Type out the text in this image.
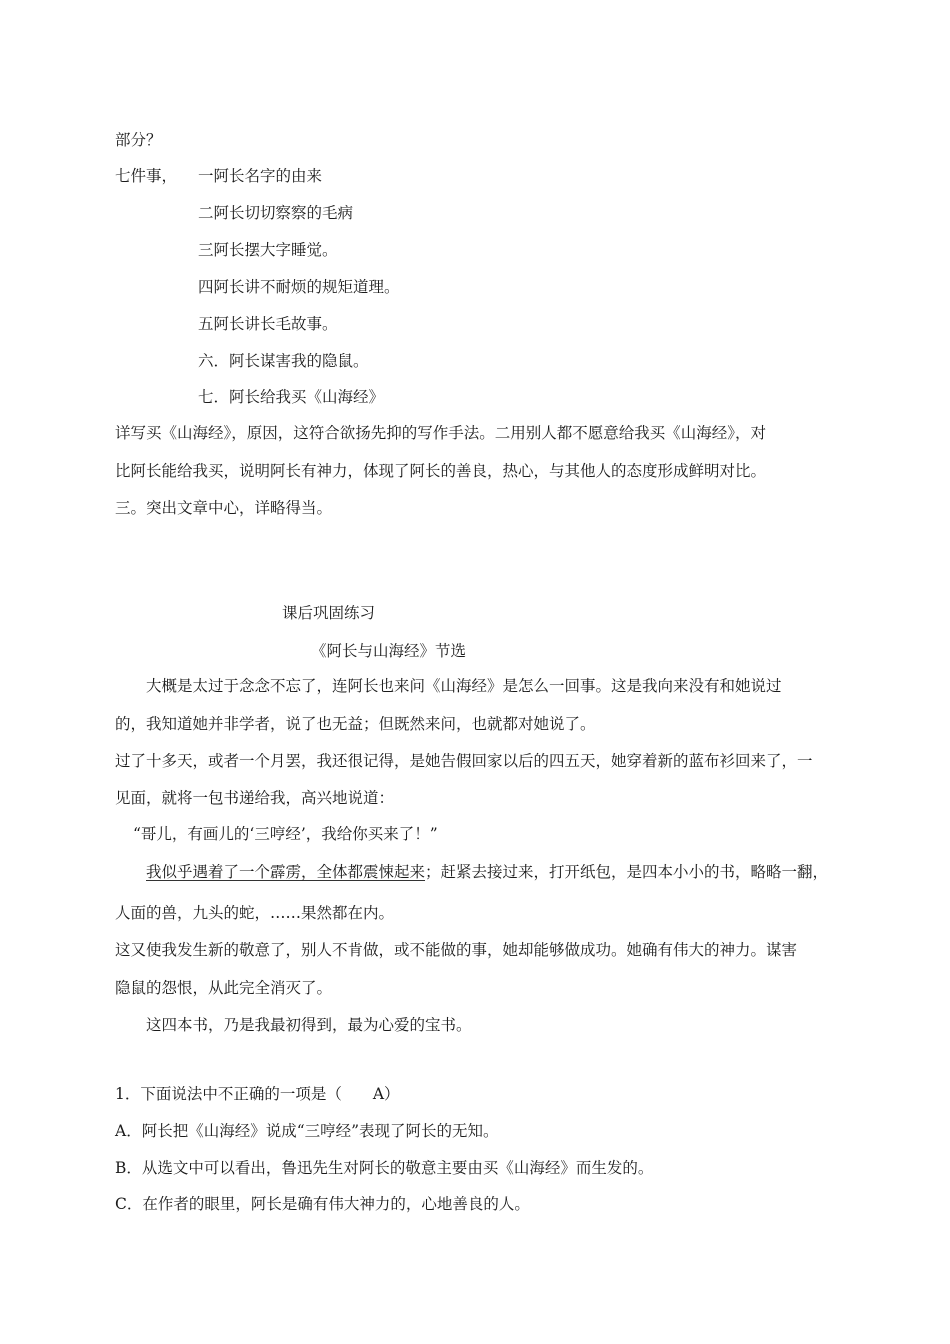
部分？
七件事， 一阿长名字的由来
二阿长切切察察的毛病
三阿长摆大字睡觉。
四阿长讲不耐烦的规矩道理。
五阿长讲长毛故事。
六．阿长谋害我的隐鼠。
七．阿长给我买《山海经》
详写买《山海经》，原因，这符合欲扬先抑的写作手法。二用别人都不愿意给我买《山海经》，对
比阿长能给我买，说明阿长有神力，体现了阿长的善良，热心，与其他人的态度形成鲜明对比。
三。突出文章中心，详略得当。
课后巩固练习
《阿长与山海经》节选
大概是太过于念念不忘了，连阿长也来问《山海经》是怎么一回事。这是我向来没有和她说过
的，我知道她并非学者，说了也无益；但既然来问，也就都对她说了。
过了十多天，或者一个月罢，我还很记得，是她告假回家以后的四五天，她穿着新的蓝布衫回来了，一
见面，就将一包书递给我，高兴地说道：
“哥儿，有画儿的‘三哼经’，我给你买来了！”
我似乎遇着了一个霹雳，全体都震悚起来；赶紧去接过来，打开纸包，是四本小小的书，略略一翻，
人面的兽，九头的蛇，……果然都在内。
这又使我发生新的敬意了，别人不肯做，或不能做的事，她却能够做成功。她确有伟大的神力。谋害
隐鼠的怨恨，从此完全消灭了。
这四本书，乃是我最初得到，最为心爱的宝书。
1．下面说法中不正确的一项是（　　A）
A．阿长把《山海经》说成“三哼经”表现了阿长的无知。
B．从选文中可以看出，鲁迅先生对阿长的敬意主要由买《山海经》而生发的。
C．在作者的眼里，阿长是确有伟大神力的，心地善良的人。
